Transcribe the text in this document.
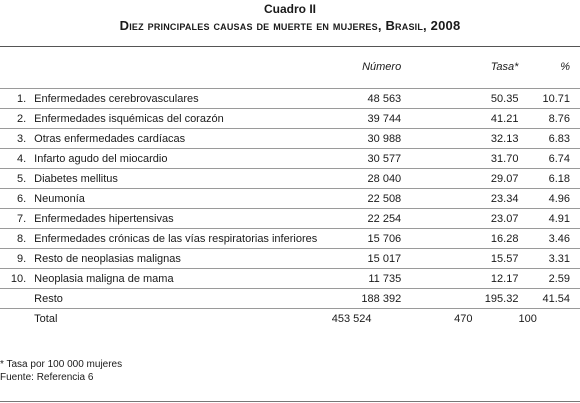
Cuadro II
Diez principales causas de muerte en mujeres, Brasil, 2008
		Número	Tasa*	%

1.	Enfermedades cerebrovasculares	48 563	50.35	10.71
2.	Enfermedades isquémicas del corazón	39 744	41.21	8.76
3.	Otras enfermedades cardíacas	30 988	32.13	6.83
4.	Infarto agudo del miocardio	30 577	31.70	6.74
5.	Diabetes mellitus	28 040	29.07	6.18
6.	Neumonía	22 508	23.34	4.96
7.	Enfermedades hipertensivas	22 254	23.07	4.91
8.	Enfermedades crónicas de las vías respiratorias inferiores	15 706	16.28	3.46
9.	Resto de neoplasias malignas	15 017	15.57	3.31
10.	Neoplasia maligna de mama	11 735	12.17	2.59
	Resto	188 392	195.32	41.54
	Total	453 524	470	100
* Tasa por 100 000 mujeres
Fuente: Referencia 6
